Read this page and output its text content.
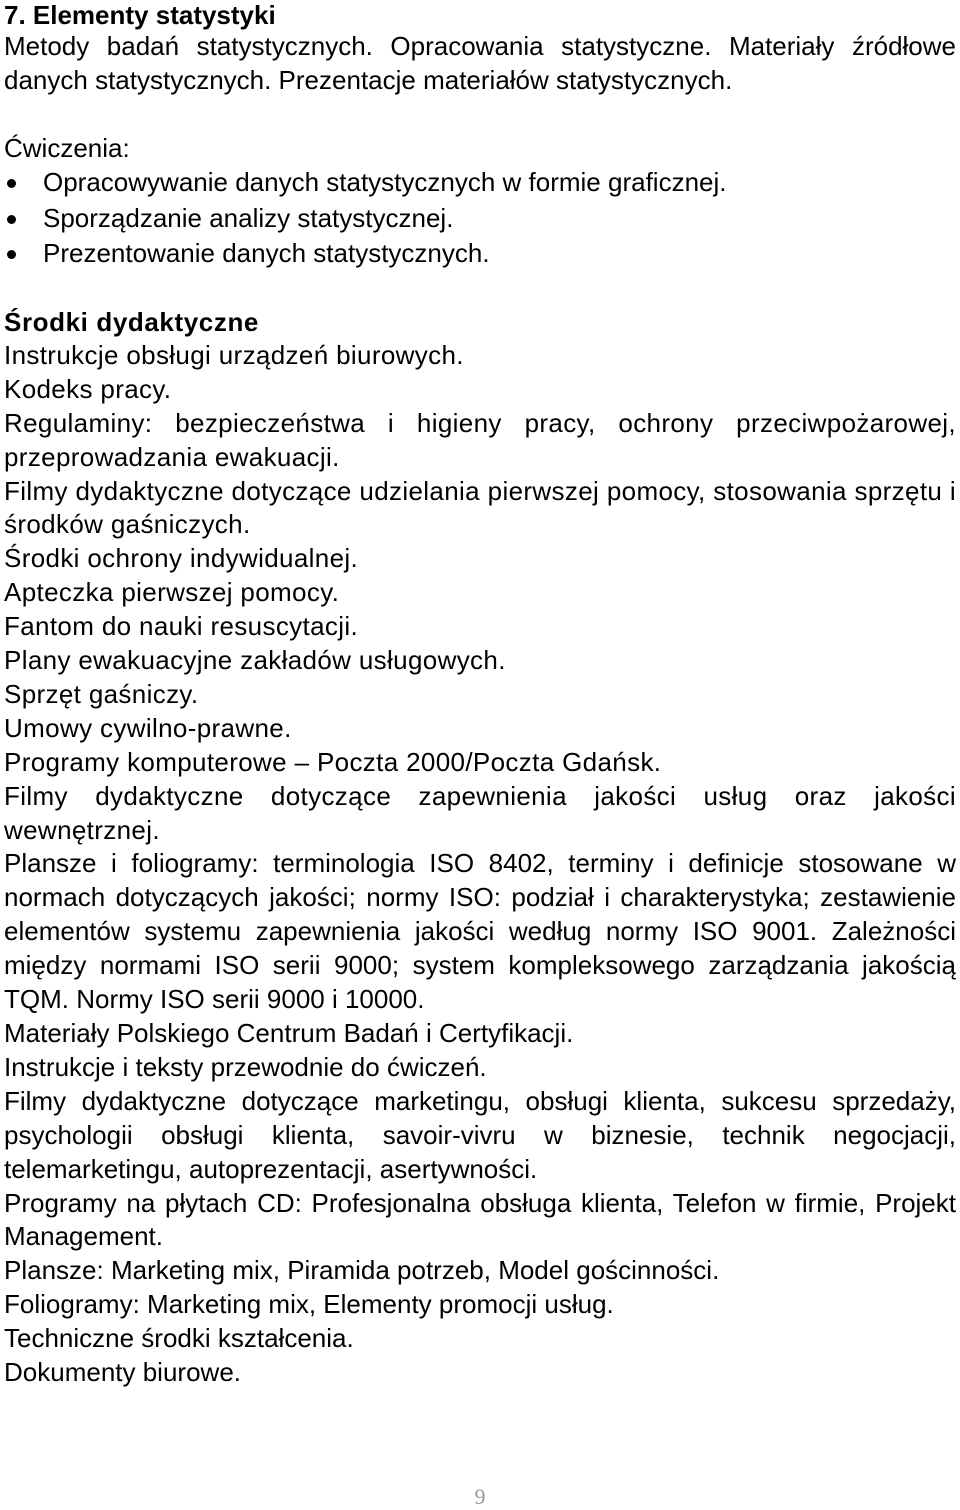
7. Elementy statystyki

Metody badań statystycznych. Opracowania statystyczne. Materiały źródłowe danych statystycznych. Prezentacje materiałów statystycznych.

Ćwiczenia:

Opracowywanie danych statystycznych w formie graficznej.
Sporządzanie analizy statystycznej.
Prezentowanie danych statystycznych.
Środki dydaktyczne

Instrukcje obsługi urządzeń biurowych.

Kodeks pracy.

Regulaminy: bezpieczeństwa i higieny pracy, ochrony przeciwpożarowej, przeprowadzania ewakuacji.

Filmy dydaktyczne dotyczące udzielania pierwszej pomocy, stosowania sprzętu i środków gaśniczych.

Środki ochrony indywidualnej.

Apteczka pierwszej pomocy.

Fantom do nauki resuscytacji.

Plany ewakuacyjne zakładów usługowych.

Sprzęt gaśniczy.

Umowy cywilno-prawne.

Programy komputerowe – Poczta 2000/Poczta Gdańsk.

Filmy dydaktyczne dotyczące zapewnienia jakości usług oraz jakości wewnętrznej.

Plansze i foliogramy: terminologia ISO 8402, terminy i definicje stosowane w normach dotyczących jakości; normy ISO: podział i charakterystyka; zestawienie elementów systemu zapewnienia jakości według normy ISO 9001. Zależności między normami ISO serii 9000; system kompleksowego zarządzania jakością TQM. Normy ISO serii 9000 i 10000.

Materiały Polskiego Centrum Badań i Certyfikacji.

Instrukcje i teksty przewodnie do ćwiczeń.

Filmy dydaktyczne dotyczące marketingu, obsługi klienta, sukcesu sprzedaży, psychologii obsługi klienta, savoir-vivru w biznesie, technik negocjacji, telemarketingu, autoprezentacji, asertywności.

Programy na płytach CD: Profesjonalna obsługa klienta, Telefon w firmie, Projekt Management.

Plansze: Marketing mix, Piramida potrzeb, Model gościnności.

Foliogramy: Marketing mix, Elementy promocji usług.

Techniczne środki kształcenia.

Dokumenty biurowe.

9
